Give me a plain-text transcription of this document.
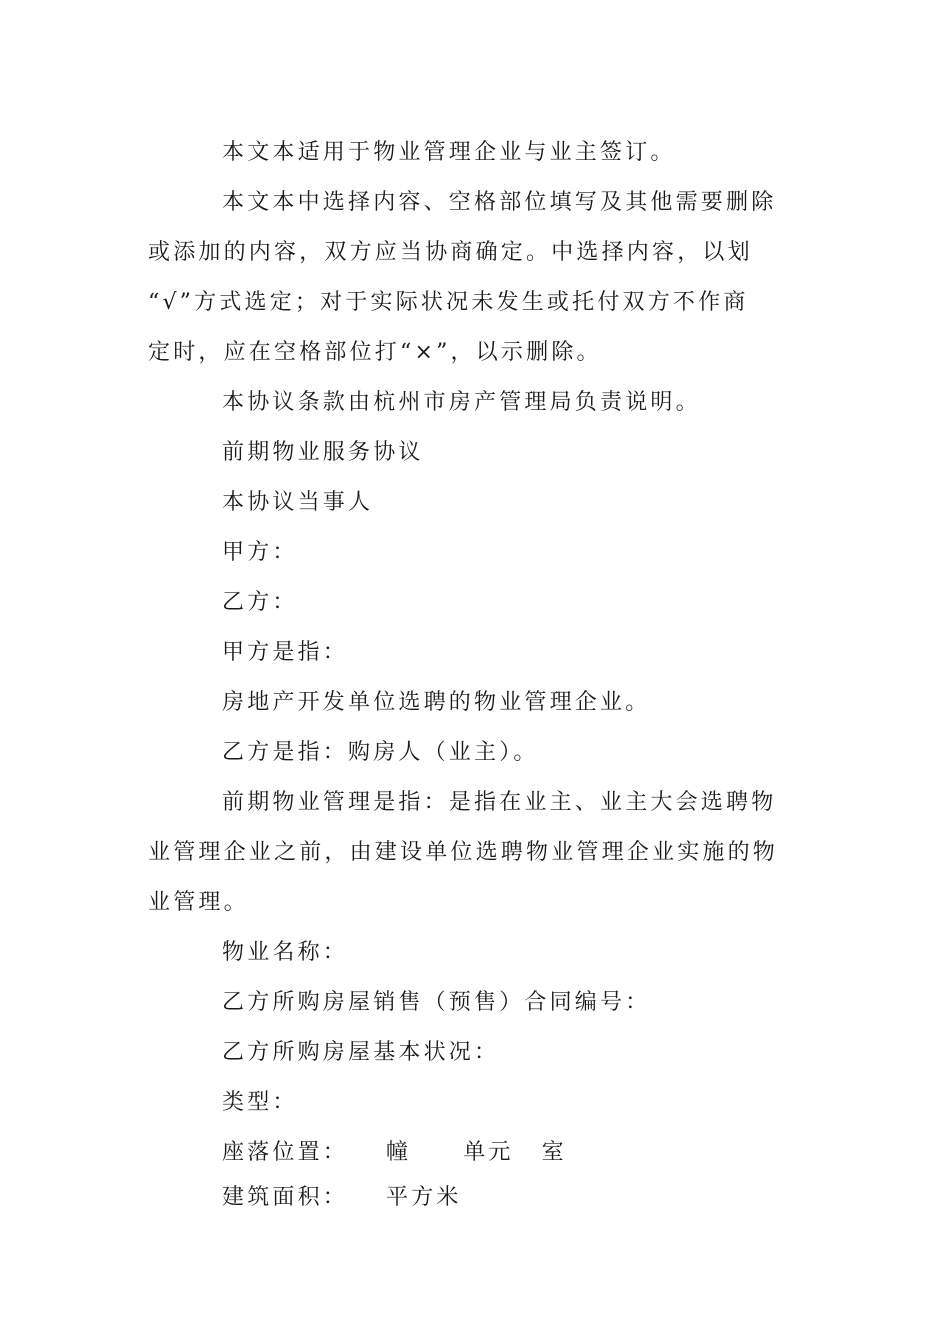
本文本适用于物业管理企业与业主签订。
本文本中选择内容、空格部位填写及其他需要删除
或添加的内容，双方应当协商确定。中选择内容，以划
“√”方式选定；对于实际状况未发生或托付双方不作商
定时，应在空格部位打“×”，以示删除。
本协议条款由杭州市房产管理局负责说明。
前期物业服务协议
本协议当事人
甲方：
乙方：
甲方是指：
房地产开发单位选聘的物业管理企业。
乙方是指：购房人（业主）。
前期物业管理是指：是指在业主、业主大会选聘物
业管理企业之前，由建设单位选聘物业管理企业实施的物
业管理。
物业名称：
乙方所购房屋销售（预售）合同编号：
乙方所购房屋基本状况：
类型：
座落位置： 幢 单元 室
建筑面积： 平方米
